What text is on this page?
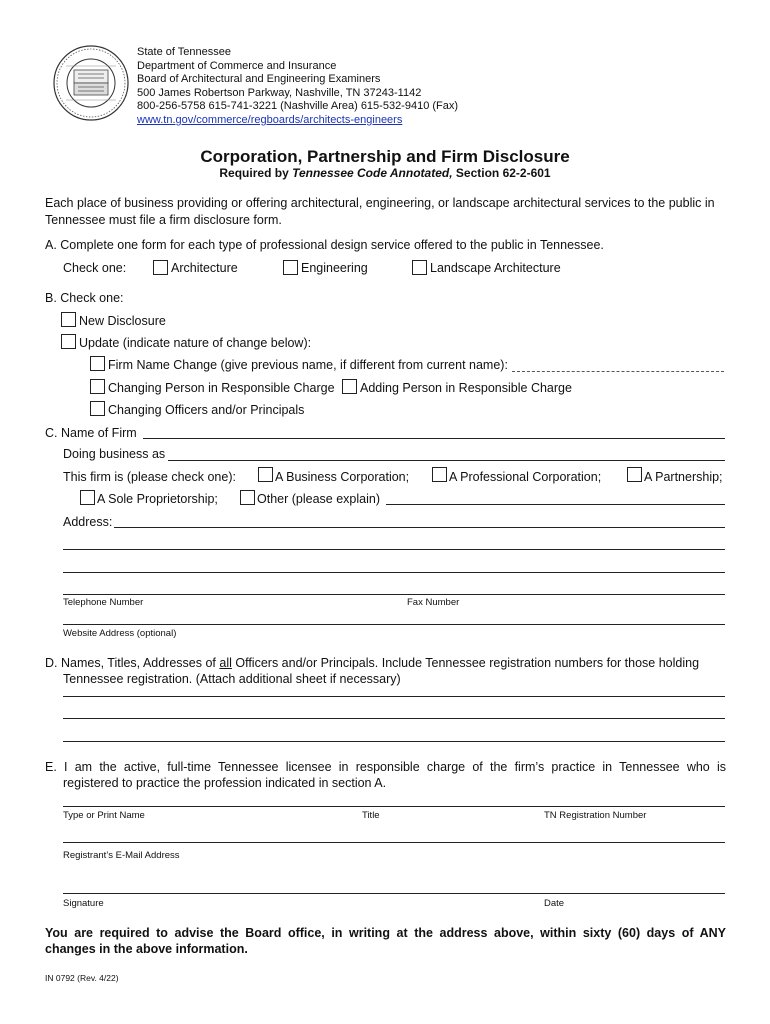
State of Tennessee
Department of Commerce and Insurance
Board of Architectural and Engineering Examiners
500 James Robertson Parkway, Nashville, TN 37243-1142
800-256-5758 615-741-3221 (Nashville Area) 615-532-9410 (Fax)
www.tn.gov/commerce/regboards/architects-engineers
Corporation, Partnership and Firm Disclosure
Required by Tennessee Code Annotated, Section 62-2-601
Each place of business providing or offering architectural, engineering, or landscape architectural services to the public in
Tennessee must file a firm disclosure form.
A. Complete one form for each type of professional design service offered to the public in Tennessee.
Check one:	Architecture	Engineering	Landscape Architecture
B. Check one:
New Disclosure
Update (indicate nature of change below):
Firm Name Change (give previous name, if different from current name):
Changing Person in Responsible Charge Adding Person in Responsible Charge
Changing Officers and/or Principals
C. Name of Firm
Doing business as
This firm is (please check one):	A Business Corporation;	A Professional Corporation;	A Partnership;
A Sole Proprietorship;	Other (please explain)
Address:
Telephone Number	Fax Number
Website Address (optional)
D. Names, Titles, Addresses of all Officers and/or Principals. Include Tennessee registration numbers for those holding
Tennessee registration. (Attach additional sheet if necessary)
E. I am the active, full-time Tennessee licensee in responsible charge of the firm’s practice in Tennessee who is
registered to practice the profession indicated in section A.
Type or Print Name	Title	TN Registration Number
Registrant’s E-Mail Address
Signature	Date
You are required to advise the Board office, in writing at the address above, within sixty (60) days of ANY
changes in the above information.
IN 0792 (Rev. 4/22)
